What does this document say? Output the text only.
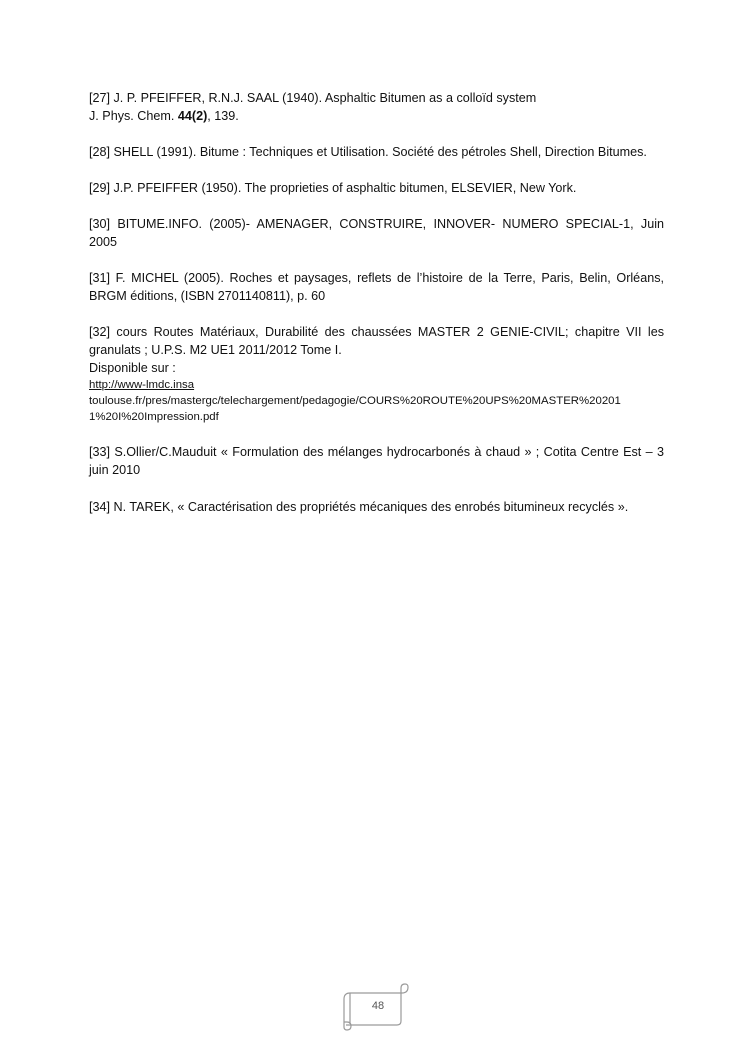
[27] J. P. PFEIFFER, R.N.J. SAAL (1940). Asphaltic Bitumen as a colloïd system

J. Phys. Chem. 44(2), 139.

[28] SHELL (1991). Bitume : Techniques et Utilisation. Société des pétroles Shell, Direction Bitumes.

[29] J.P. PFEIFFER (1950). The proprieties of asphaltic bitumen, ELSEVIER, New York.

[30] BITUME.INFO. (2005)- AMENAGER, CONSTRUIRE, INNOVER- NUMERO SPECIAL-1, Juin 2005

[31] F. MICHEL (2005). Roches et paysages, reflets de l’histoire de la Terre, Paris, Belin, Orléans, BRGM éditions, (ISBN 2701140811), p. 60

[32] cours Routes Matériaux, Durabilité des chaussées MASTER 2 GENIE-CIVIL; chapitre VII les granulats ; U.P.S. M2 UE1 2011/2012 Tome I.

Disponible sur :

http://www-lmdc.insa

toulouse.fr/pres/mastergc/telechargement/pedagogie/COURS%20ROUTE%20UPS%20MASTER%20201

1%20I%20Impression.pdf

[33] S.Ollier/C.Mauduit « Formulation des mélanges hydrocarbonés à chaud » ; Cotita Centre Est – 3 juin 2010

[34] N. TAREK, « Caractérisation des propriétés mécaniques des enrobés bitumineux recyclés ».

48
